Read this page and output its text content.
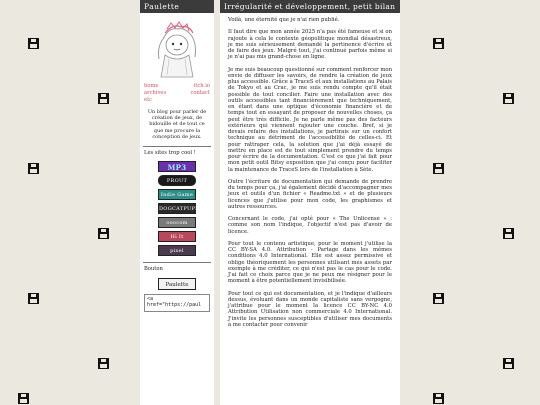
Paulette
home	itch.io
archives	contact
etc
Un blog pour parler de création de jeux, de bidouille et de tout ce que me procure la conception de jeux.
Les sites trop cool !
MP3
PROUT
Indie Game
DOGCATPUPPET
ooocom
Hi It
pixel
Bouton
Paulette
<a href="https://paul
Irrégularité et développement, petit bilan

Voilà, une éternité que je n'ai rien publié.

Il faut dire que mon année 2025 n'a pas été fameuse et si on rajoute à cela le contexte géopolitique mondial désastreux, je me suis sérieusement demandé la pertinence d'écrire et de faire des jeux. Malgré tout, j'ai continué parfois même si je n'ai pas mis grand-chose en ligne.

Je me suis beaucoup questionné sur comment renforcer mon envie de diffuser les savoirs, de rendre la création de jeux plus accessible. Grâce à TraceS et aux installations au Palais de Tokyo et au Crac, je me suis rendu compte qu'il était possible de tout concilier. Faire une installation avec des outils accessibles tant financièrement que techniquement, en étant dans une optique d'économie financière et de temps tout en essayant de proposer de nouvelles choses, ça peut être très difficile. Je ne parle même pas des facteurs extérieurs qui viennent rajouter une couche. Bref, si je devais refaire des installations, je partirais sur un confort technique au détriment de l'accessibilité de celles-ci. Et pour rattraper cela, la solution que j'ai déjà essayé de mettre en place est de tout simplement prendre du temps pour écrire de la documentation. C'est ce que j'ai fait pour mon petit outil Bitsy exposition que j'ai conçu pour faciliter la maintenance de TraceS lors de l'installation à Sète.

Outre l'écriture de documentation qui demande de prendre du temps pour ça, j'ai également décidé d'accompagner mes jeux et outils d'un fichier « Readme.txt » et de plusieurs licences que j'utilise pour mon code, les graphismes et autres ressources.

Concernant le code, j'ai opté pour « The Unlicense » : comme son nom l'indique, l'objectif n'est pas d'avoir de licence.

Pour tout le contenu artistique, pour le moment j'utilise la CC BY-SA 4.0. Attribution - Partage dans les mêmes conditions 4.0 International. Elle est assez permissive et oblige théoriquement les personnes utilisant mes assets par exemple à me créditer, ce qui n'est pas le cas pour le code. J'ai fait ce choix parce que je ne peux me résigner pour le moment à être potentiellement invisibilisée.

Pour tout ce qui est documentation, et je l'indique d'ailleurs dessus, évoluant dans un monde capitaliste sans vergogne, j'attribue pour le moment la licence CC BY-NC 4.0 Attribution Utilisation non commerciale 4.0 International. J'invite les personnes susceptibles d'utiliser mes documents à me contacter pour convenir
